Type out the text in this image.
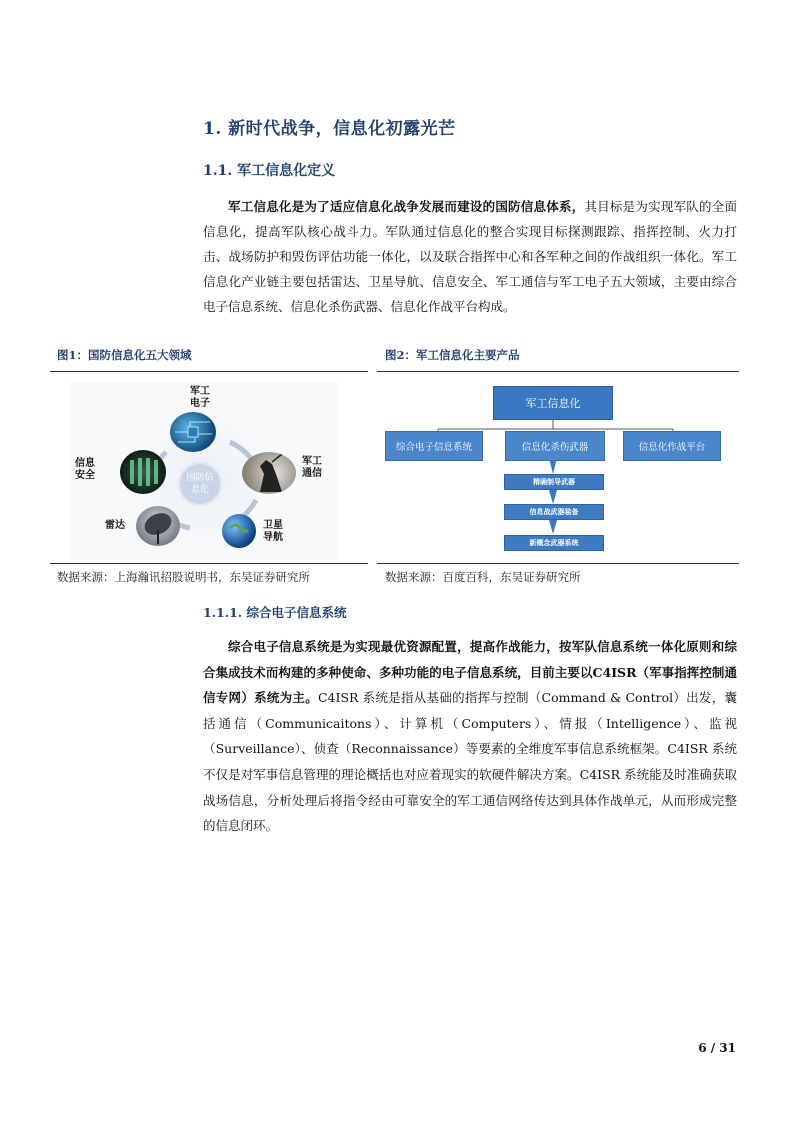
1. 新时代战争，信息化初露光芒
1.1. 军工信息化定义
军工信息化是为了适应信息化战争发展而建设的国防信息体系，其目标是为实现军队的全面信息化，提高军队核心战斗力。军队通过信息化的整合实现目标探测跟踪、指挥控制、火力打击、战场防护和毁伤评估功能一体化，以及联合指挥中心和各军种之间的作战组织一体化。军工信息化产业链主要包括雷达、卫星导航、信息安全、军工通信与军工电子五大领域，主要由综合电子信息系统、信息化杀伤武器、信息化作战平台构成。
图1：国防信息化五大领域	图2：军工信息化主要产品
军工
电子
军工
通信
卫星
导航
雷达
信息
安全	国防信息化
军工信息化
综合电子信息系统	信息化杀伤武器	信息化作战平台
精确制导武器
信息战武器装备
新概念武器系统
数据来源：上海瀚讯招股说明书，东吴证券研究所	数据来源：百度百科，东吴证券研究所
1.1.1. 综合电子信息系统
综合电子信息系统是为实现最优资源配置，提高作战能力，按军队信息系统一体化原则和综合集成技术而构建的多种使命、多种功能的电子信息系统，目前主要以C4ISR（军事指挥控制通信专网）系统为主。C4ISR 系统是指从基础的指挥与控制（Command & Control）出发，囊括通信（Communicaitons）、计算机（Computers）、情报（Intelligence）、监视（Surveillance）、侦查（Reconnaissance）等要素的全维度军事信息系统框架。C4ISR 系统不仅是对军事信息管理的理论概括也对应着现实的软硬件解决方案。C4ISR 系统能及时准确获取战场信息，分析处理后将指令经由可靠安全的军工通信网络传达到具体作战单元，从而形成完整的信息闭环。
6 / 31
